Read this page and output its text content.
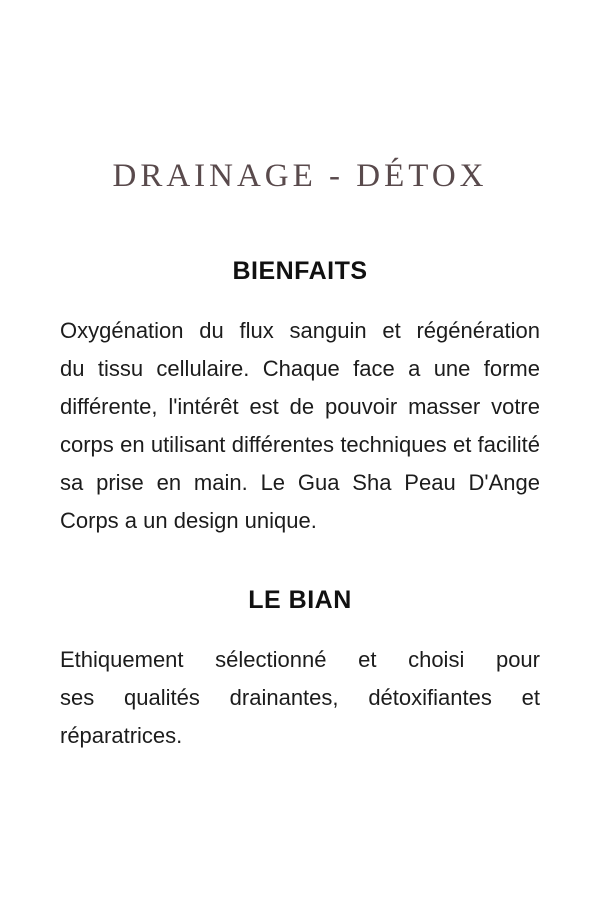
DRAINAGE - DÉTOX
BIENFAITS
Oxygénation du flux sanguin et régénération
du tissu cellulaire. Chaque face a une forme
différente, l'intérêt est de pouvoir masser votre
corps en utilisant différentes techniques et facilité
sa prise en main. Le Gua Sha Peau D'Ange
Corps a un design unique.
LE BIAN
Ethiquement sélectionné et choisi pour
ses qualités drainantes, détoxifiantes et
réparatrices.
